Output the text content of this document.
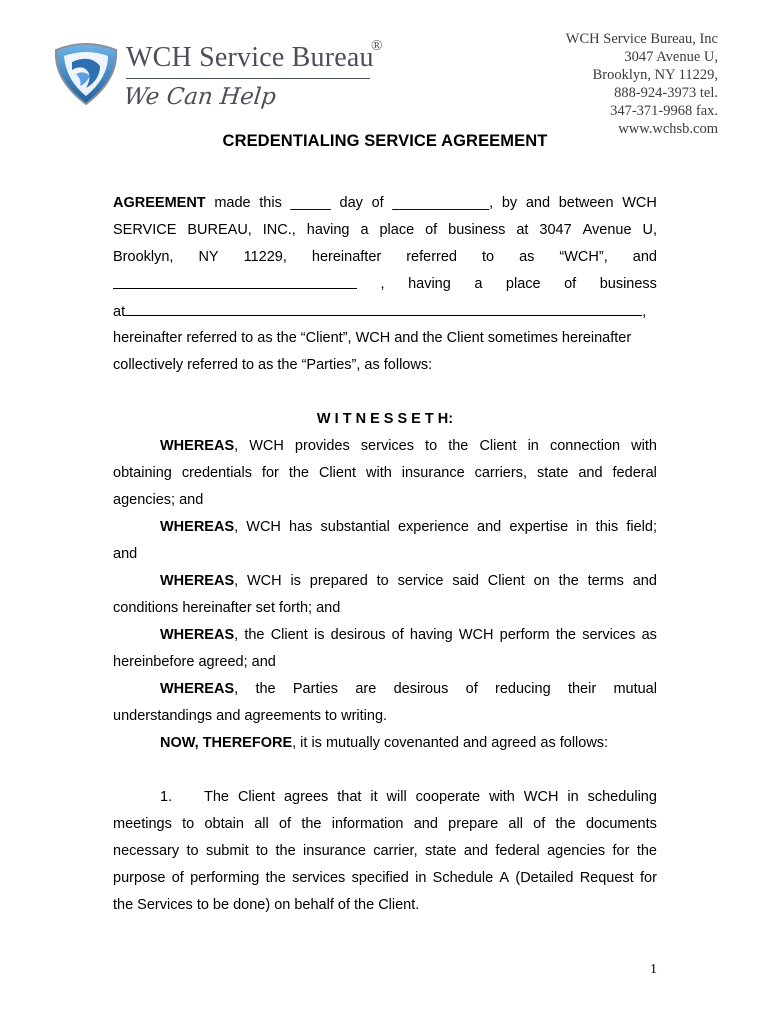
WCH Service Bureau
®
We Can Help
WCH Service Bureau, Inc
3047 Avenue U,
Brooklyn, NY 11229,
888-924-3973 tel.
347-371-9968 fax.
www.wchsb.com
CREDENTIALING SERVICE AGREEMENT
AGREEMENT made this _____ day of ____________, by and between WCH
SERVICE BUREAU, INC., having a place of business at 3047 Avenue U,
Brooklyn, NY 11229, hereinafter referred to as “WCH”, and
, having a place of business
at	,
hereinafter referred to as the “Client”, WCH and the Client sometimes hereinafter
collectively referred to as the “Parties”, as follows:
W I T N E S S E T H:
WHEREAS, WCH provides services to the Client in connection with
obtaining credentials for the Client with insurance carriers, state and federal
agencies; and
WHEREAS, WCH has substantial experience and expertise in this field;
and
WHEREAS, WCH is prepared to service said Client on the terms and
conditions hereinafter set forth; and
WHEREAS, the Client is desirous of having WCH perform the services as
hereinbefore agreed; and
WHEREAS, the Parties are desirous of reducing their mutual
understandings and agreements to writing.
NOW, THEREFORE, it is mutually covenanted and agreed as follows:
1.	The Client agrees that it will cooperate with WCH in scheduling
meetings to obtain all of the information and prepare all of the documents
necessary to submit to the insurance carrier, state and federal agencies for the
purpose of performing the services specified in Schedule A (Detailed Request for
the Services to be done) on behalf of the Client.
1
